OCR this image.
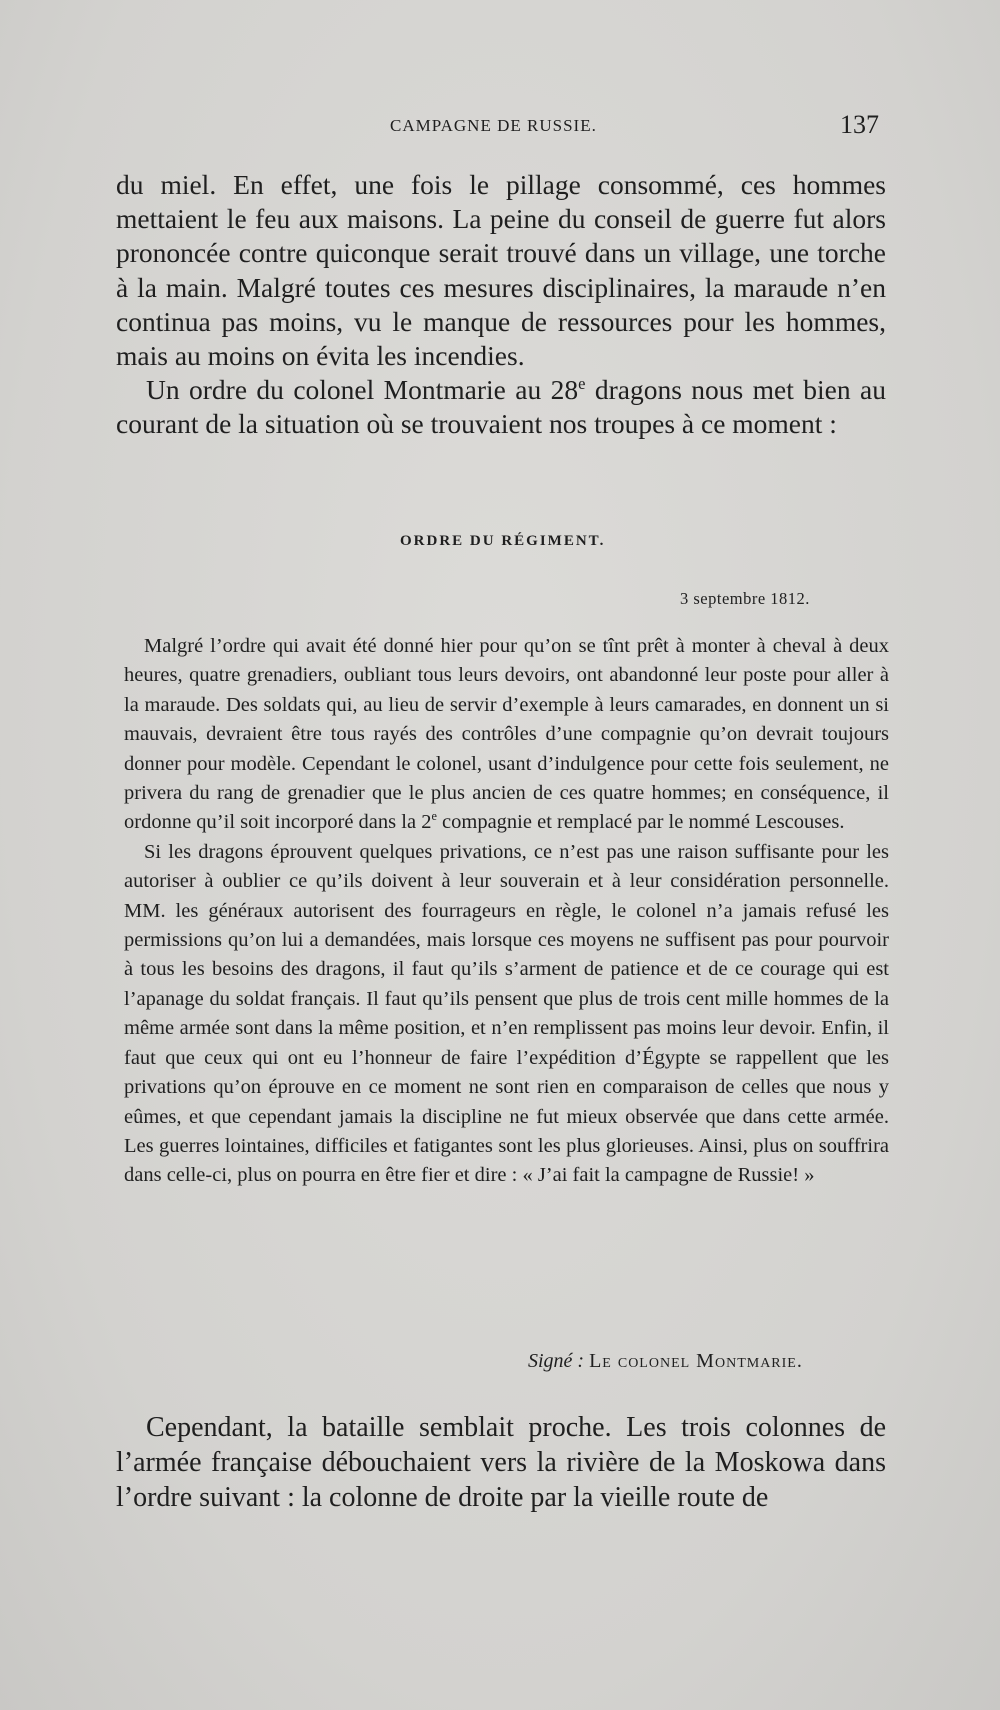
CAMPAGNE DE RUSSIE.	137

du miel. En effet, une fois le pillage consommé, ces hommes mettaient le feu aux maisons. La peine du conseil de guerre fut alors prononcée contre quiconque serait trouvé dans un village, une torche à la main. Malgré toutes ces mesures disciplinaires, la maraude n’en continua pas moins, vu le manque de ressources pour les hommes, mais au moins on évita les incendies.

Un ordre du colonel Montmarie au 28e dragons nous met bien au courant de la situation où se trouvaient nos troupes à ce moment :

ORDRE DU RÉGIMENT.
3 septembre 1812.

Malgré l’ordre qui avait été donné hier pour qu’on se tînt prêt à monter à cheval à deux heures, quatre grenadiers, oubliant tous leurs devoirs, ont abandonné leur poste pour aller à la maraude. Des soldats qui, au lieu de servir d’exemple à leurs camarades, en donnent un si mauvais, devraient être tous rayés des contrôles d’une compagnie qu’on devrait toujours donner pour modèle. Cependant le colonel, usant d’indulgence pour cette fois seulement, ne privera du rang de grenadier que le plus ancien de ces quatre hommes; en conséquence, il ordonne qu’il soit incorporé dans la 2e compagnie et remplacé par le nommé Lescouses.

Si les dragons éprouvent quelques privations, ce n’est pas une raison suffisante pour les autoriser à oublier ce qu’ils doivent à leur souverain et à leur considération personnelle. MM. les généraux autorisent des fourrageurs en règle, le colonel n’a jamais refusé les permissions qu’on lui a demandées, mais lorsque ces moyens ne suffisent pas pour pourvoir à tous les besoins des dragons, il faut qu’ils s’arment de patience et de ce courage qui est l’apanage du soldat français. Il faut qu’ils pensent que plus de trois cent mille hommes de la même armée sont dans la même position, et n’en remplissent pas moins leur devoir. Enfin, il faut que ceux qui ont eu l’honneur de faire l’expédition d’Égypte se rappellent que les privations qu’on éprouve en ce moment ne sont rien en comparaison de celles que nous y eûmes, et que cependant jamais la discipline ne fut mieux observée que dans cette armée. Les guerres lointaines, difficiles et fatigantes sont les plus glorieuses. Ainsi, plus on souffrira dans celle-ci, plus on pourra en être fier et dire : « J’ai fait la campagne de Russie! »

Signé : Le colonel Montmarie.

Cependant, la bataille semblait proche. Les trois colonnes de l’armée française débouchaient vers la rivière de la Moskowa dans l’ordre suivant : la colonne de droite par la vieille route de
